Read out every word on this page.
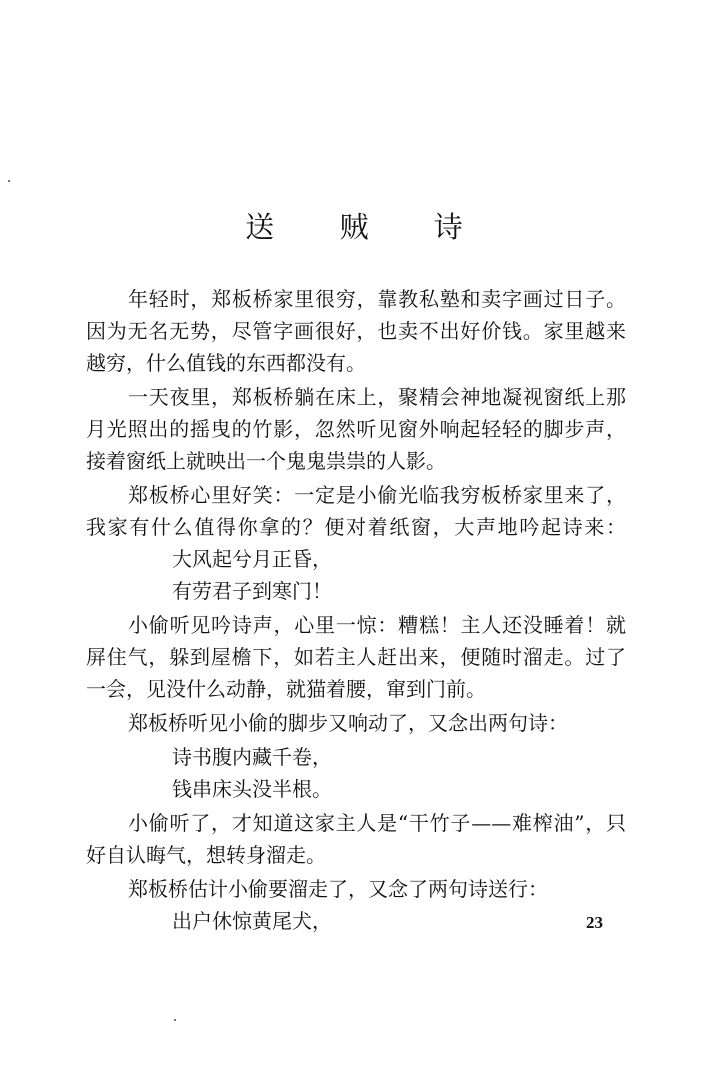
送 贼 诗
年轻时，郑板桥家里很穷，靠教私塾和卖字画过日子。
因为无名无势，尽管字画很好，也卖不出好价钱。家里越来
越穷，什么值钱的东西都没有。
一天夜里，郑板桥躺在床上，聚精会神地凝视窗纸上那
月光照出的摇曳的竹影，忽然听见窗外响起轻轻的脚步声，
接着窗纸上就映出一个鬼鬼祟祟的人影。
郑板桥心里好笑：一定是小偷光临我穷板桥家里来了，
我家有什么值得你拿的？便对着纸窗，大声地吟起诗来：
大风起兮月正昏，
有劳君子到寒门！
小偷听见吟诗声，心里一惊：糟糕！主人还没睡着！就
屏住气，躲到屋檐下，如若主人赶出来，便随时溜走。过了
一会，见没什么动静，就猫着腰，窜到门前。
郑板桥听见小偷的脚步又响动了，又念出两句诗：
诗书腹内藏千卷，
钱串床头没半根。
小偷听了，才知道这家主人是“干竹子——难榨油”，只
好自认晦气，想转身溜走。
郑板桥估计小偷要溜走了，又念了两句诗送行：
出户休惊黄尾犬，	23
